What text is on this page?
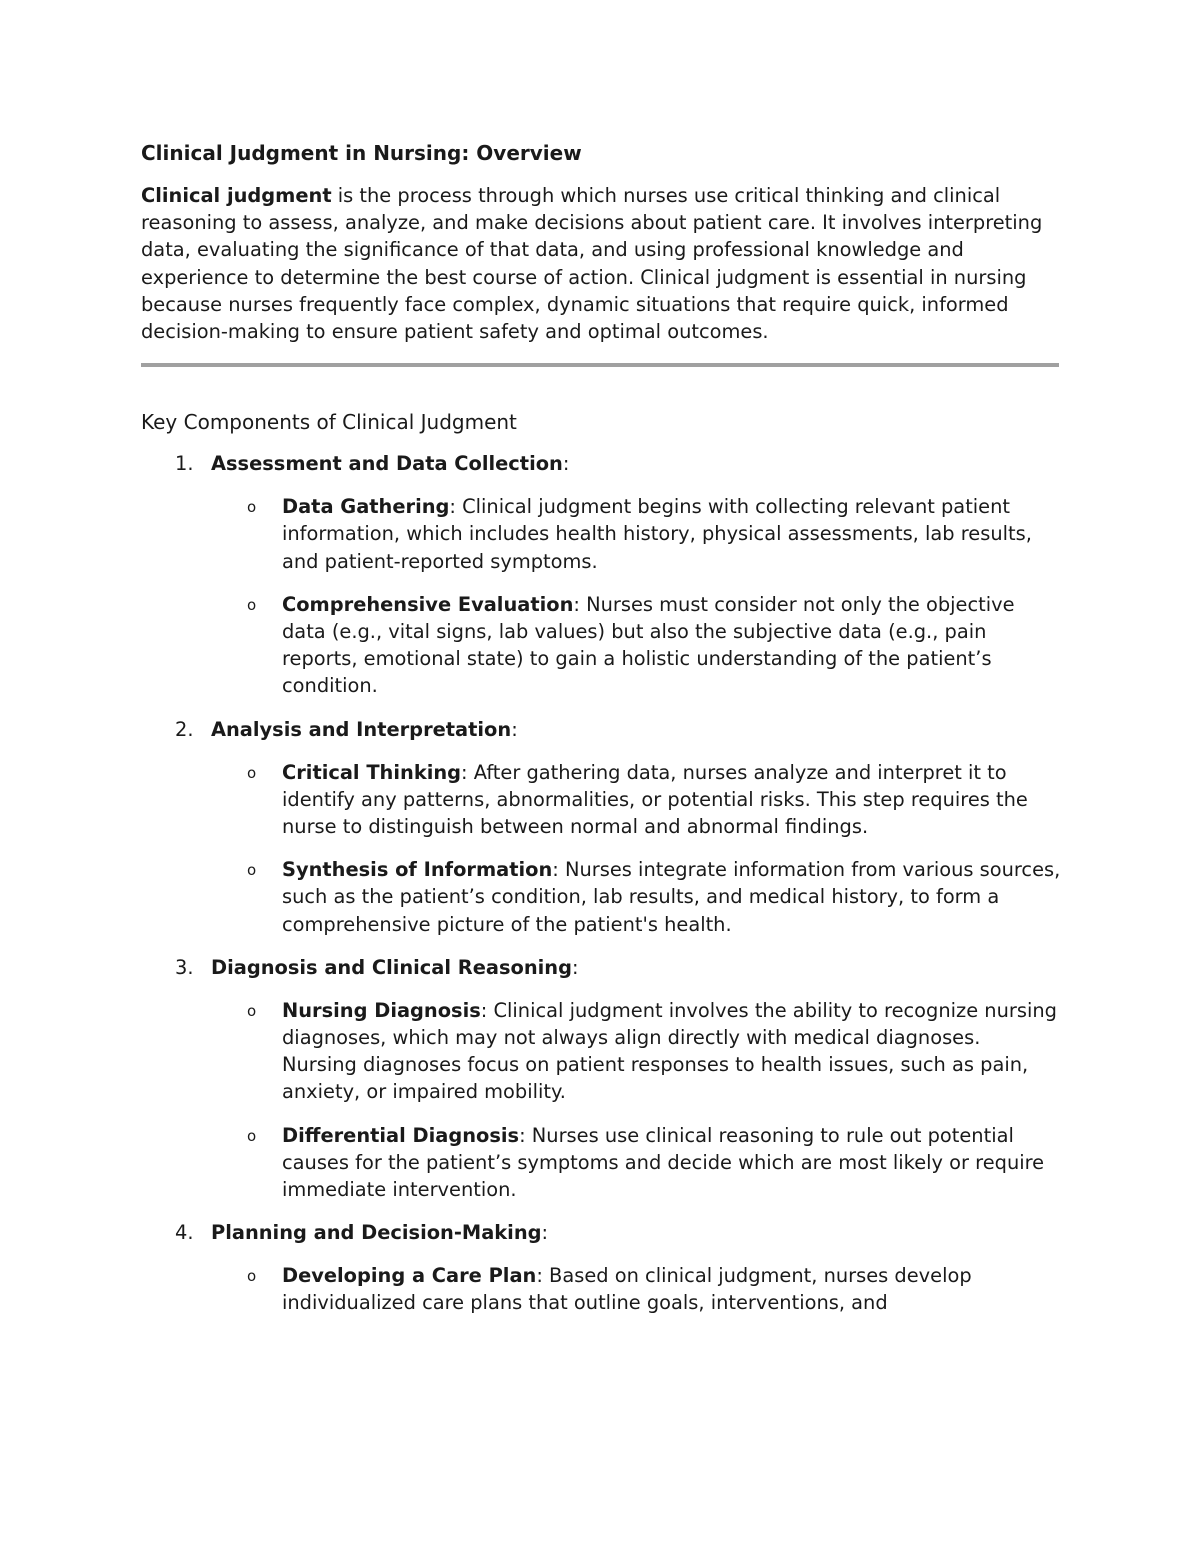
Clinical Judgment in Nursing: Overview

Clinical judgment is the process through which nurses use critical thinking and clinical reasoning to assess, analyze, and make decisions about patient care. It involves interpreting data, evaluating the significance of that data, and using professional knowledge and experience to determine the best course of action. Clinical judgment is essential in nursing because nurses frequently face complex, dynamic situations that require quick, informed decision-making to ensure patient safety and optimal outcomes.

Key Components of Clinical Judgment
1. Assessment and Data Collection:
o Data Gathering: Clinical judgment begins with collecting relevant patient information, which includes health history, physical assessments, lab results, and patient-reported symptoms.
o Comprehensive Evaluation: Nurses must consider not only the objective data (e.g., vital signs, lab values) but also the subjective data (e.g., pain reports, emotional state) to gain a holistic understanding of the patient’s condition.
2. Analysis and Interpretation:
o Critical Thinking: After gathering data, nurses analyze and interpret it to identify any patterns, abnormalities, or potential risks. This step requires the nurse to distinguish between normal and abnormal findings.
o Synthesis of Information: Nurses integrate information from various sources, such as the patient’s condition, lab results, and medical history, to form a comprehensive picture of the patient's health.
3. Diagnosis and Clinical Reasoning:
o Nursing Diagnosis: Clinical judgment involves the ability to recognize nursing diagnoses, which may not always align directly with medical diagnoses. Nursing diagnoses focus on patient responses to health issues, such as pain, anxiety, or impaired mobility.
o Differential Diagnosis: Nurses use clinical reasoning to rule out potential causes for the patient’s symptoms and decide which are most likely or require immediate intervention.
4. Planning and Decision-Making:
o Developing a Care Plan: Based on clinical judgment, nurses develop individualized care plans that outline goals, interventions, and
